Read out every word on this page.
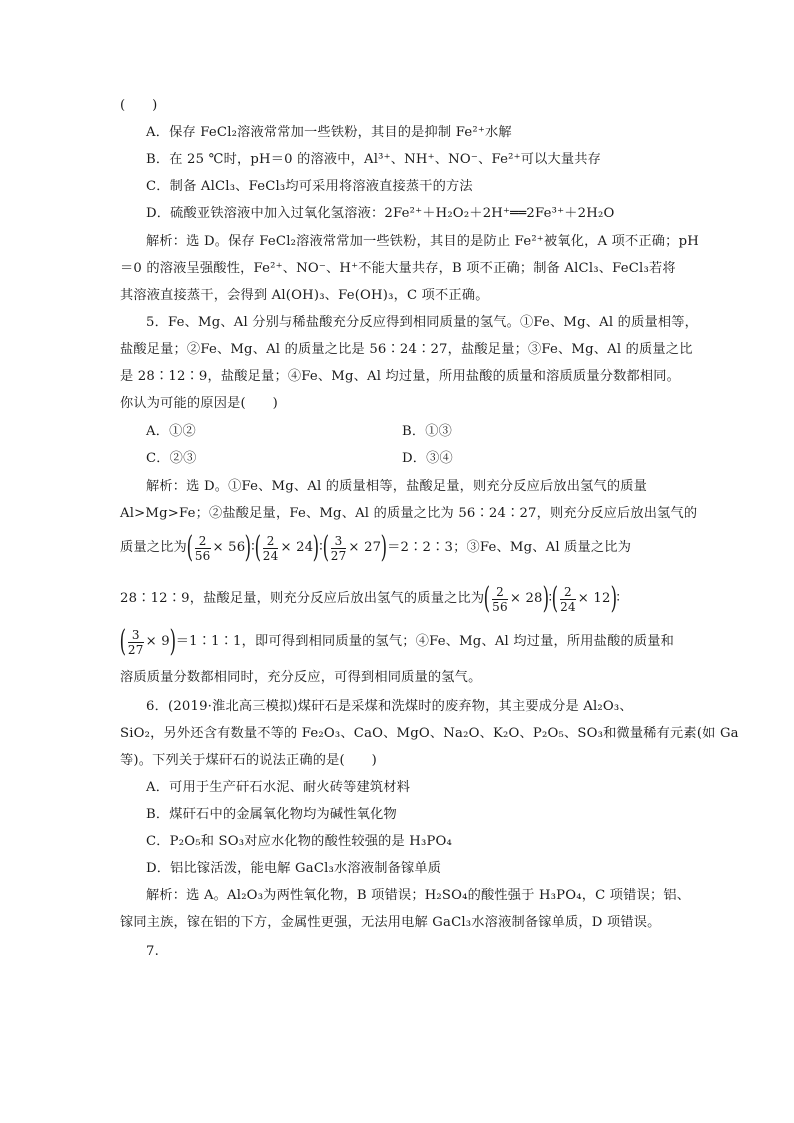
(　　)
A．保存 FeCl₂溶液常常加一些铁粉，其目的是抑制 Fe²⁺水解
B．在 25 ℃时，pH＝0 的溶液中，Al³⁺、NH⁺、NO⁻、Fe²⁺可以大量共存
C．制备 AlCl₃、FeCl₃均可采用将溶液直接蒸干的方法
D．硫酸亚铁溶液中加入过氧化氢溶液：2Fe²⁺＋H₂O₂＋2H⁺══2Fe³⁺＋2H₂O
解析：选 D。保存 FeCl₂溶液常常加一些铁粉，其目的是防止 Fe²⁺被氧化，A 项不正确；pH
＝0 的溶液呈强酸性，Fe²⁺、NO⁻、H⁺不能大量共存，B 项不正确；制备 AlCl₃、FeCl₃若将
其溶液直接蒸干，会得到 Al(OH)₃、Fe(OH)₃，C 项不正确。
5．Fe、Mg、Al 分别与稀盐酸充分反应得到相同质量的氢气。①Fe、Mg、Al 的质量相等，
盐酸足量；②Fe、Mg、Al 的质量之比是 56∶24∶27，盐酸足量；③Fe、Mg、Al 的质量之比
是 28∶12∶9，盐酸足量；④Fe、Mg、Al 均过量，所用盐酸的质量和溶质质量分数都相同。
你认为可能的原因是(　　)
A．①②	B．①③
C．②③	D．③④
解析：选 D。①Fe、Mg、Al 的质量相等，盐酸足量，则充分反应后放出氢气的质量
Al>Mg>Fe；②盐酸足量，Fe、Mg、Al 的质量之比为 56∶24∶27，则充分反应后放出氢气的
质量之比为 ( $\frac{2}{56} \times 56$ ) ∶ ( $\frac{2}{24} \times 24$ ) ∶ ( $\frac{3}{27} \times 27$ ) ＝2∶2∶3；③Fe、Mg、Al 质量之比为
28∶12∶9，盐酸足量，则充分反应后放出氢气的质量之比为 ( $\frac{2}{56} \times 28$ ) ∶ ( $\frac{2}{24} \times 12$ ) ∶
( $\frac{3}{27} \times 9$ ) ＝1∶1∶1，即可得到相同质量的氢气；④Fe、Mg、Al 均过量，所用盐酸的质量和
溶质质量分数都相同时，充分反应，可得到相同质量的氢气。
6．(2019·淮北高三模拟)煤矸石是采煤和洗煤时的废弃物，其主要成分是 Al₂O₃、
SiO₂，另外还含有数量不等的 Fe₂O₃、CaO、MgO、Na₂O、K₂O、P₂O₅、SO₃和微量稀有元素(如 Ga
等)。下列关于煤矸石的说法正确的是(　　)
A．可用于生产矸石水泥、耐火砖等建筑材料
B．煤矸石中的金属氧化物均为碱性氧化物
C．P₂O₅和 SO₃对应水化物的酸性较强的是 H₃PO₄
D．铝比镓活泼，能电解 GaCl₃水溶液制备镓单质
解析：选 A。Al₂O₃为两性氧化物，B 项错误；H₂SO₄的酸性强于 H₃PO₄，C 项错误；铝、
镓同主族，镓在铝的下方，金属性更强，无法用电解 GaCl₃水溶液制备镓单质，D 项错误。
7.
